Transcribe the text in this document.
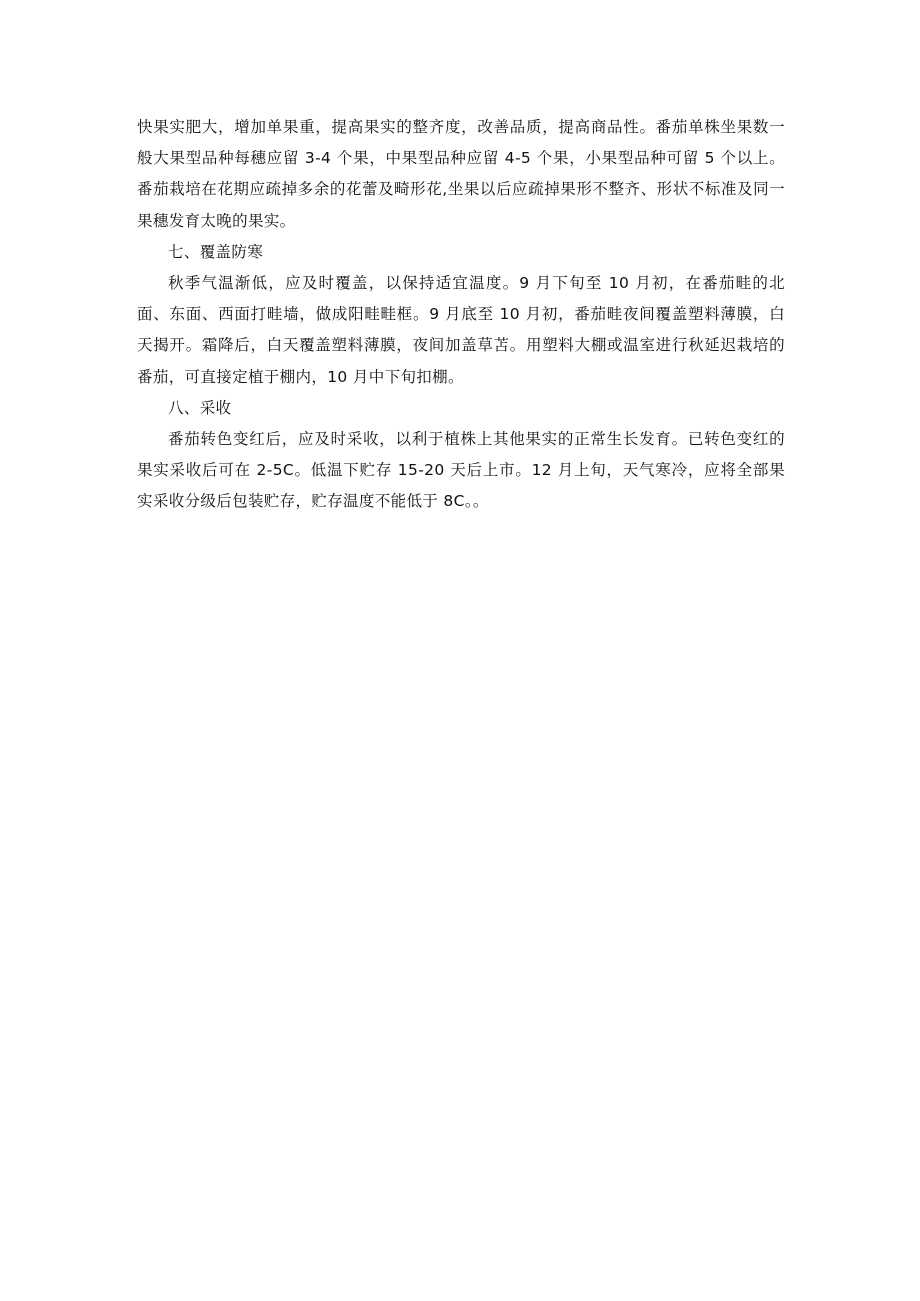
快果实肥大，增加单果重，提高果实的整齐度，改善品质，提高商品性。番茄单株坐果数一般大果型品种每穗应留 3-4 个果，中果型品种应留 4-5 个果，小果型品种可留 5 个以上。番茄栽培在花期应疏掉多余的花蕾及畸形花,坐果以后应疏掉果形不整齐、形状不标准及同一果穗发育太晚的果实。

七、覆盖防寒

秋季气温渐低，应及时覆盖，以保持适宜温度。9 月下旬至 10 月初，在番茄畦的北面、东面、西面打畦墙，做成阳畦畦框。9 月底至 10 月初，番茄畦夜间覆盖塑料薄膜，白天揭开。霜降后，白天覆盖塑料薄膜，夜间加盖草苫。用塑料大棚或温室进行秋延迟栽培的番茄，可直接定植于棚内，10 月中下旬扣棚。

八、采收

番茄转色变红后，应及时采收，以利于植株上其他果实的正常生长发育。已转色变红的果实采收后可在 2-5C。低温下贮存 15-20 天后上市。12 月上旬，天气寒冷，应将全部果实采收分级后包装贮存，贮存温度不能低于 8C。。
